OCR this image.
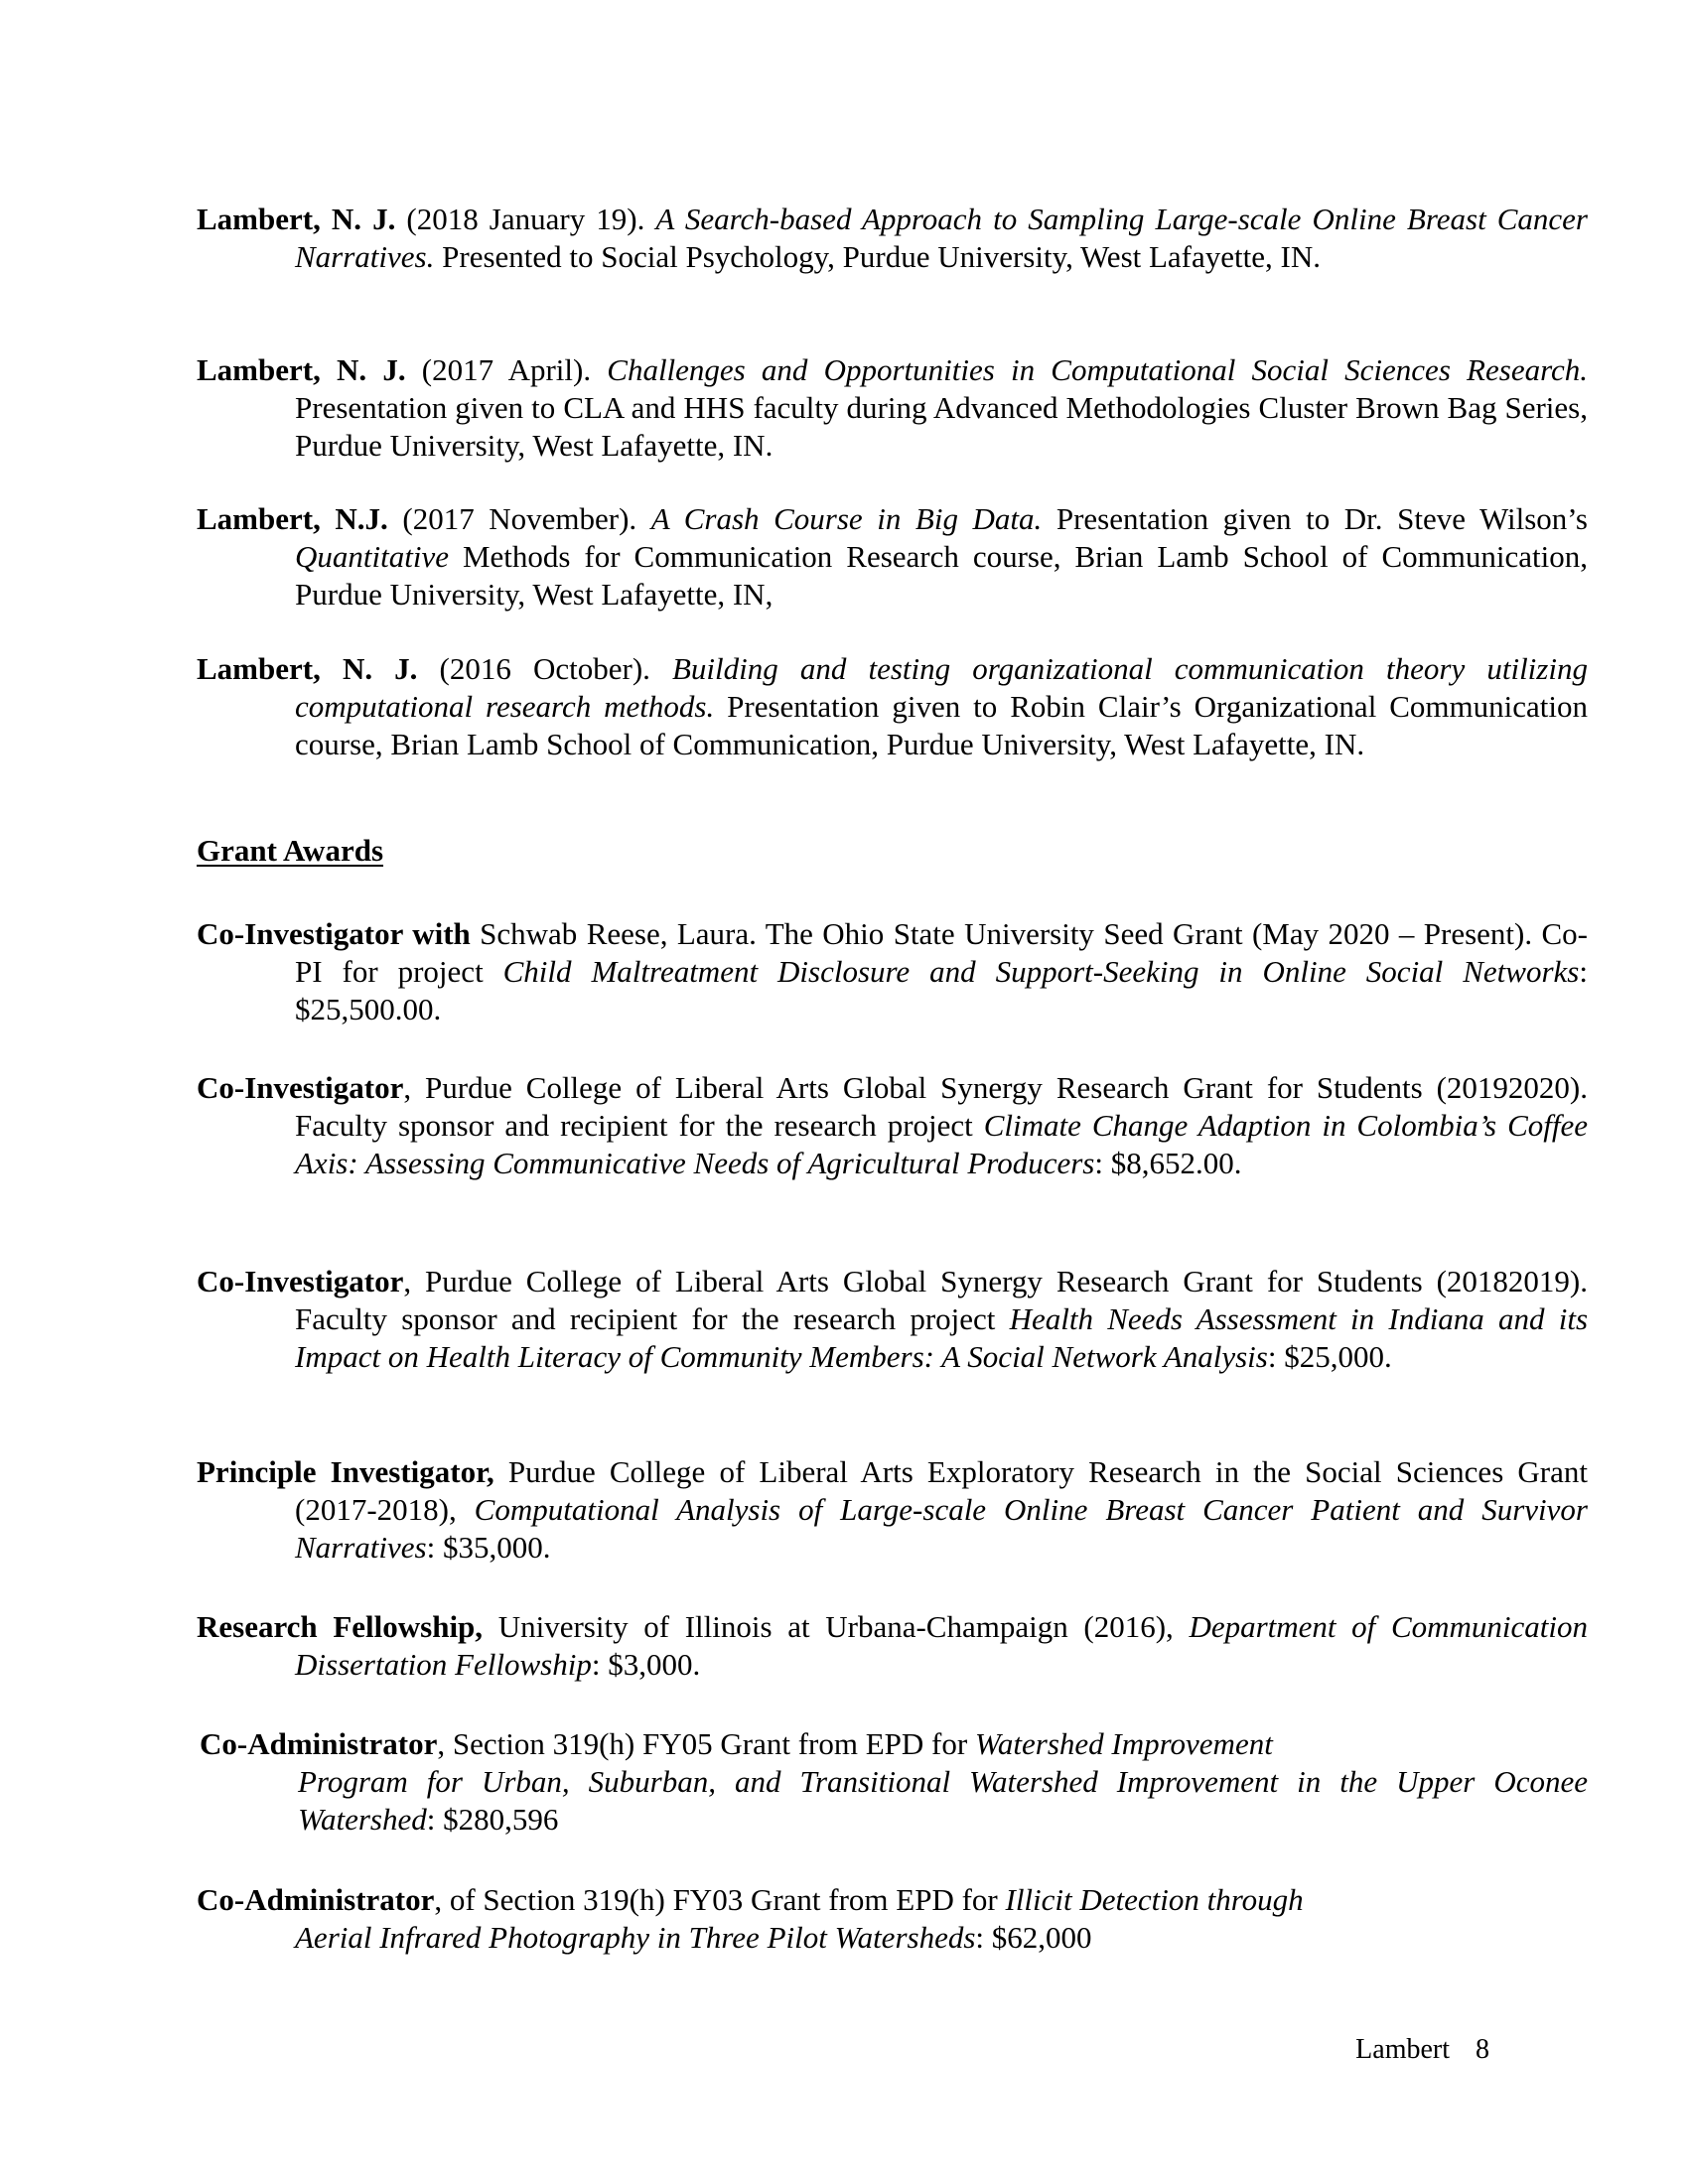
Lambert, N. J. (2018 January 19). A Search-based Approach to Sampling Large-scale Online Breast Cancer Narratives. Presented to Social Psychology, Purdue University, West Lafayette, IN.

Lambert, N. J. (2017 April). Challenges and Opportunities in Computational Social Sciences Research. Presentation given to CLA and HHS faculty during Advanced Methodologies Cluster Brown Bag Series, Purdue University, West Lafayette, IN.

Lambert, N.J. (2017 November). A Crash Course in Big Data. Presentation given to Dr. Steve Wilson’s Quantitative Methods for Communication Research course, Brian Lamb School of Communication, Purdue University, West Lafayette, IN,

Lambert, N. J. (2016 October). Building and testing organizational communication theory utilizing computational research methods. Presentation given to Robin Clair’s Organizational Communication course, Brian Lamb School of Communication, Purdue University, West Lafayette, IN.

Grant Awards

Co-Investigator with Schwab Reese, Laura. The Ohio State University Seed Grant (May 2020 – Present). Co-PI for project Child Maltreatment Disclosure and Support-Seeking in Online Social Networks: $25,500.00.

Co-Investigator, Purdue College of Liberal Arts Global Synergy Research Grant for Students (20192020). Faculty sponsor and recipient for the research project Climate Change Adaption in Colombia’s Coffee Axis: Assessing Communicative Needs of Agricultural Producers: $8,652.00.

Co-Investigator, Purdue College of Liberal Arts Global Synergy Research Grant for Students (20182019). Faculty sponsor and recipient for the research project Health Needs Assessment in Indiana and its Impact on Health Literacy of Community Members: A Social Network Analysis: $25,000.

Principle Investigator, Purdue College of Liberal Arts Exploratory Research in the Social Sciences Grant (2017-2018), Computational Analysis of Large-scale Online Breast Cancer Patient and Survivor Narratives: $35,000.

Research Fellowship, University of Illinois at Urbana-Champaign (2016), Department of Communication Dissertation Fellowship: $3,000.

Co-Administrator, Section 319(h) FY05 Grant from EPD for Watershed Improvement
Program for Urban, Suburban, and Transitional Watershed Improvement in the Upper Oconee Watershed: $280,596
Co-Administrator, of Section 319(h) FY03 Grant from EPD for Illicit Detection through
Aerial Infrared Photography in Three Pilot Watersheds: $62,000
Lambert 8
